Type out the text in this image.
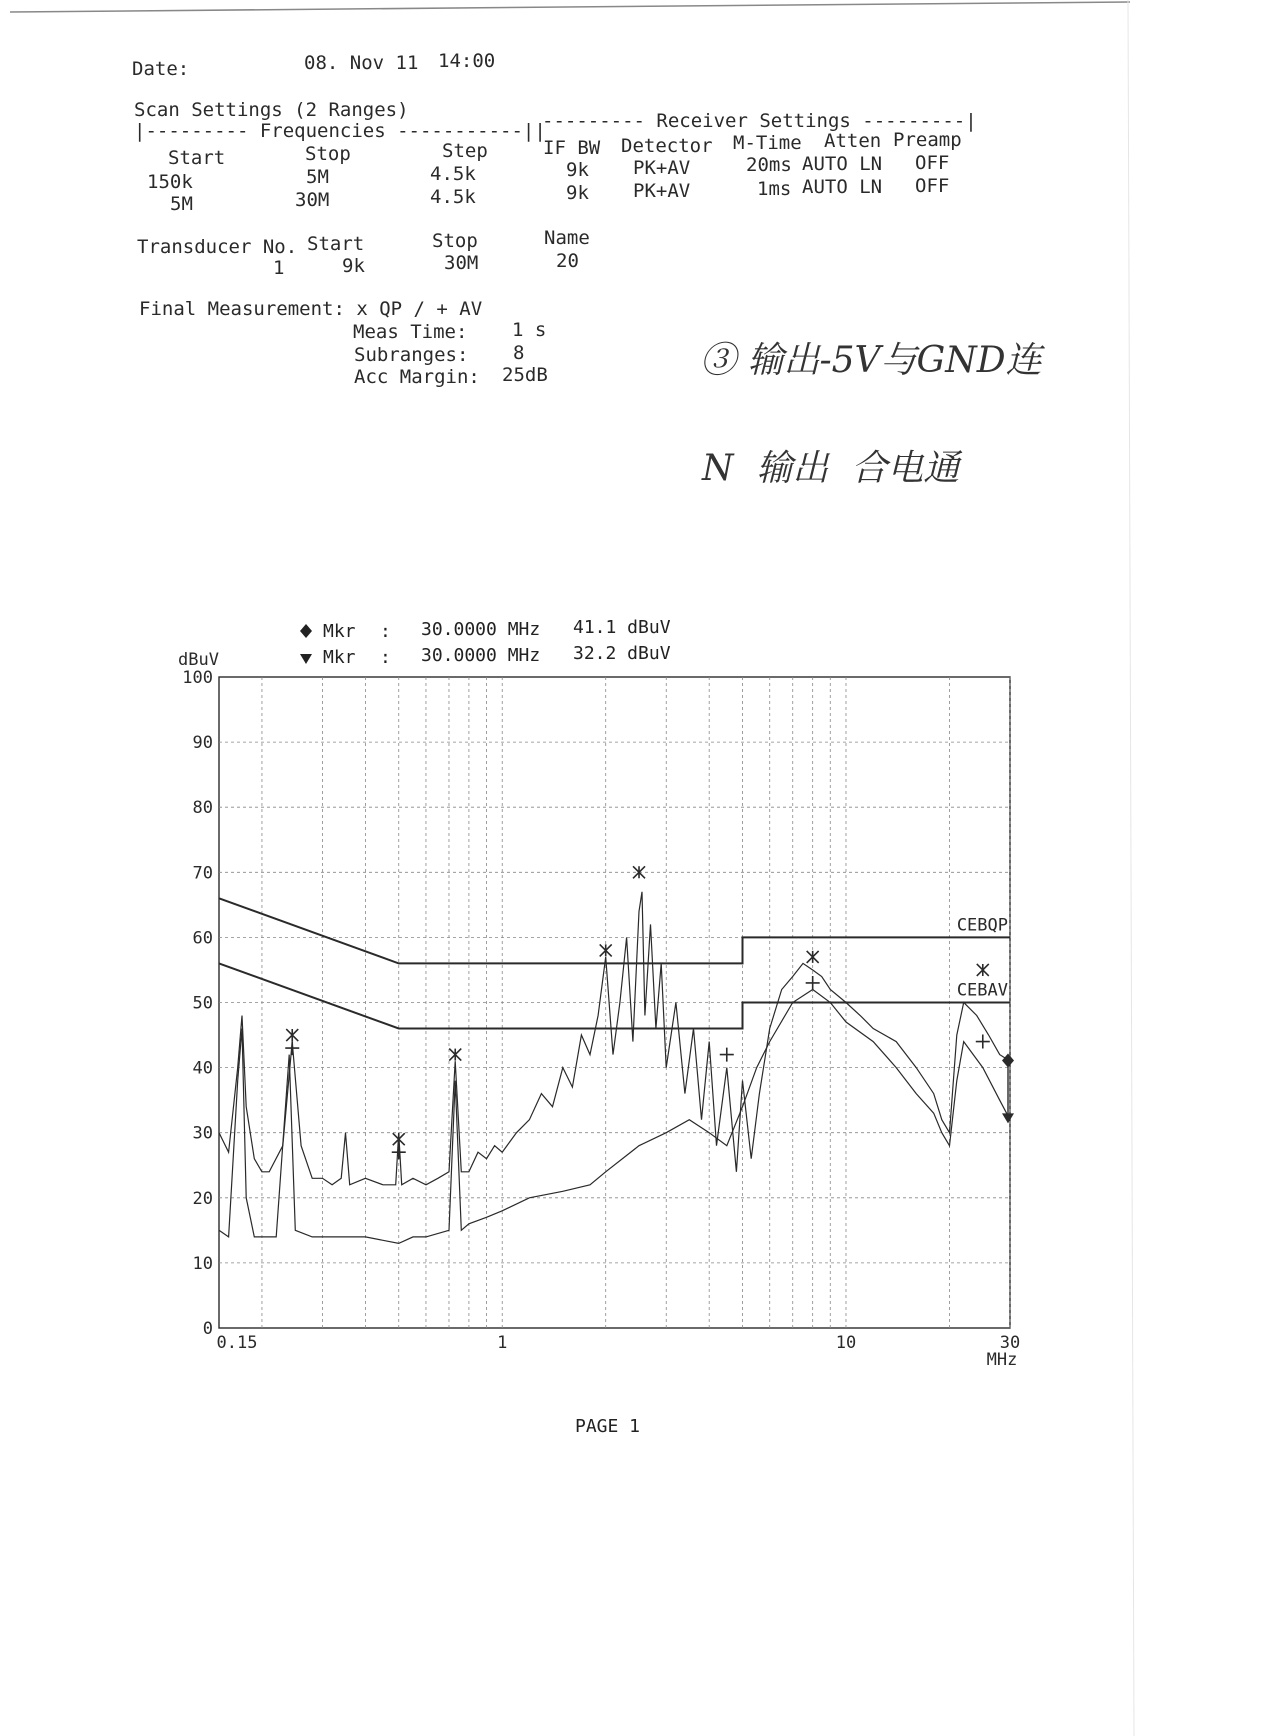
Date:	08. Nov 11 14:00
Scan Settings (2 Ranges)
|--------- Frequencies -----------||
--------- Receiver Settings ---------|
Start	Stop	Step	IF BW Detector M-Time Atten Preamp
150k	5M	4.5k	9k PK+AV	20ms AUTO LN OFF
5M	30M	4.5k	9k PK+AV	1ms AUTO LN OFF
Transducer No. Start	Stop	Name
1	9k	30M	20
Final Measurement: x QP / + AV
Meas Time: 1 s
Subranges: 8
Acc Margin: 25dB	③ 输出-5V与GND连
N  输出  合电通
Mkr : 30.0000 MHz 41.1 dBuV
Mkr : 30.0000 MHz 32.2 dBuV
100
90
80
70
60
50
40
30
20
10
0
dBuV
0.15	1	10	30
MHz
CEBQP
CEBAV
PAGE 1
